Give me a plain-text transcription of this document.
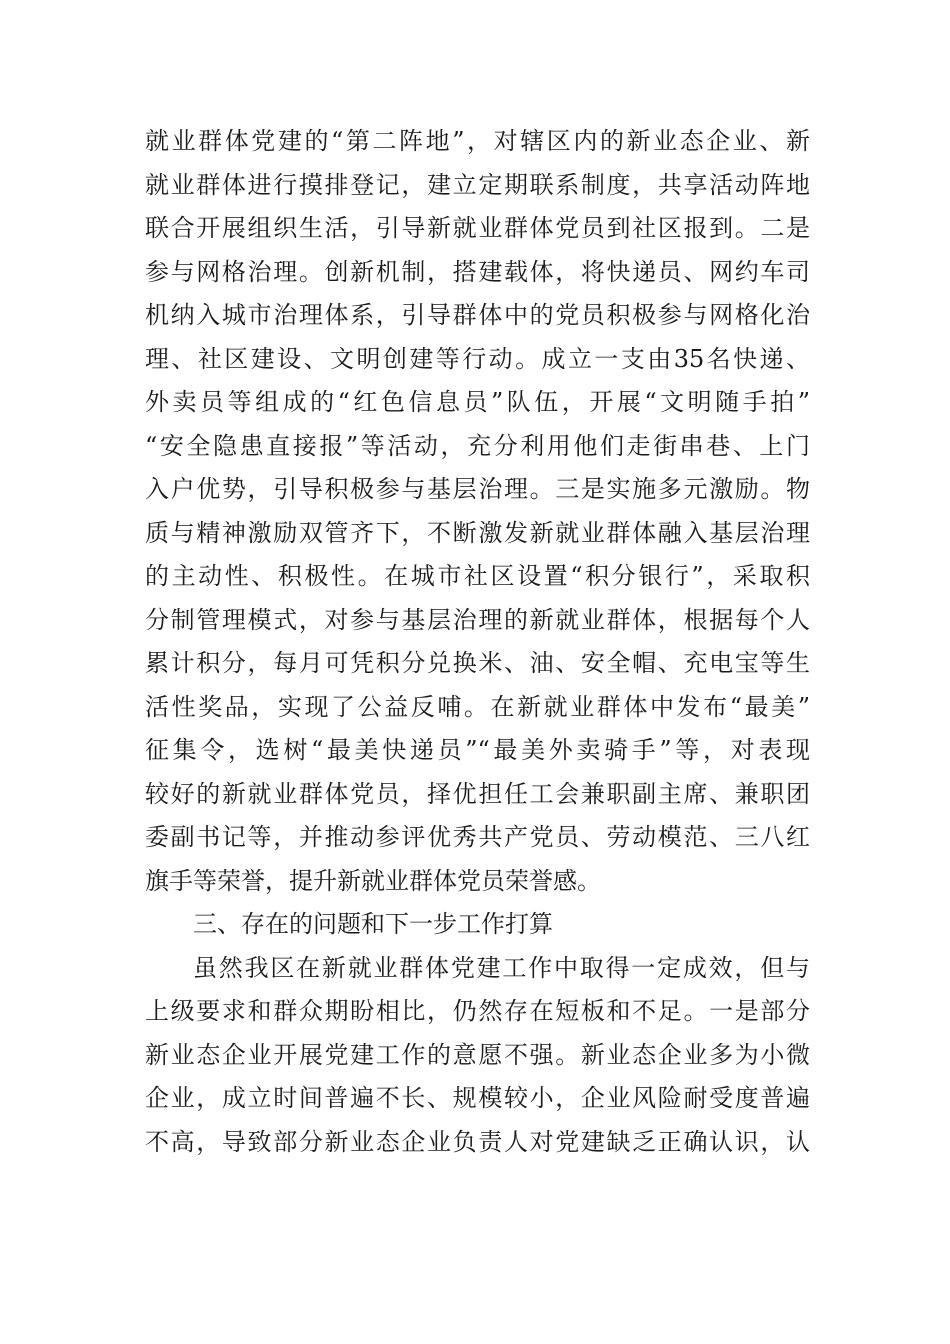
就业群体党建的“第二阵地”，对辖区内的新业态企业、新
就业群体进行摸排登记，建立定期联系制度，共享活动阵地
联合开展组织生活，引导新就业群体党员到社区报到。二是
参与网格治理。创新机制，搭建载体，将快递员、网约车司
机纳入城市治理体系，引导群体中的党员积极参与网格化治
理、社区建设、文明创建等行动。成立一支由35名快递、
外卖员等组成的“红色信息员”队伍，开展“文明随手拍”
“安全隐患直接报”等活动，充分利用他们走街串巷、上门
入户优势，引导积极参与基层治理。三是实施多元激励。物
质与精神激励双管齐下，不断激发新就业群体融入基层治理
的主动性、积极性。在城市社区设置“积分银行”，采取积
分制管理模式，对参与基层治理的新就业群体，根据每个人
累计积分，每月可凭积分兑换米、油、安全帽、充电宝等生
活性奖品，实现了公益反哺。在新就业群体中发布“最美”
征集令，选树“最美快递员”“最美外卖骑手”等，对表现
较好的新就业群体党员，择优担任工会兼职副主席、兼职团
委副书记等，并推动参评优秀共产党员、劳动模范、三八红
旗手等荣誉，提升新就业群体党员荣誉感。
三、存在的问题和下一步工作打算
虽然我区在新就业群体党建工作中取得一定成效，但与
上级要求和群众期盼相比，仍然存在短板和不足。一是部分
新业态企业开展党建工作的意愿不强。新业态企业多为小微
企业，成立时间普遍不长、规模较小，企业风险耐受度普遍
不高，导致部分新业态企业负责人对党建缺乏正确认识，认
